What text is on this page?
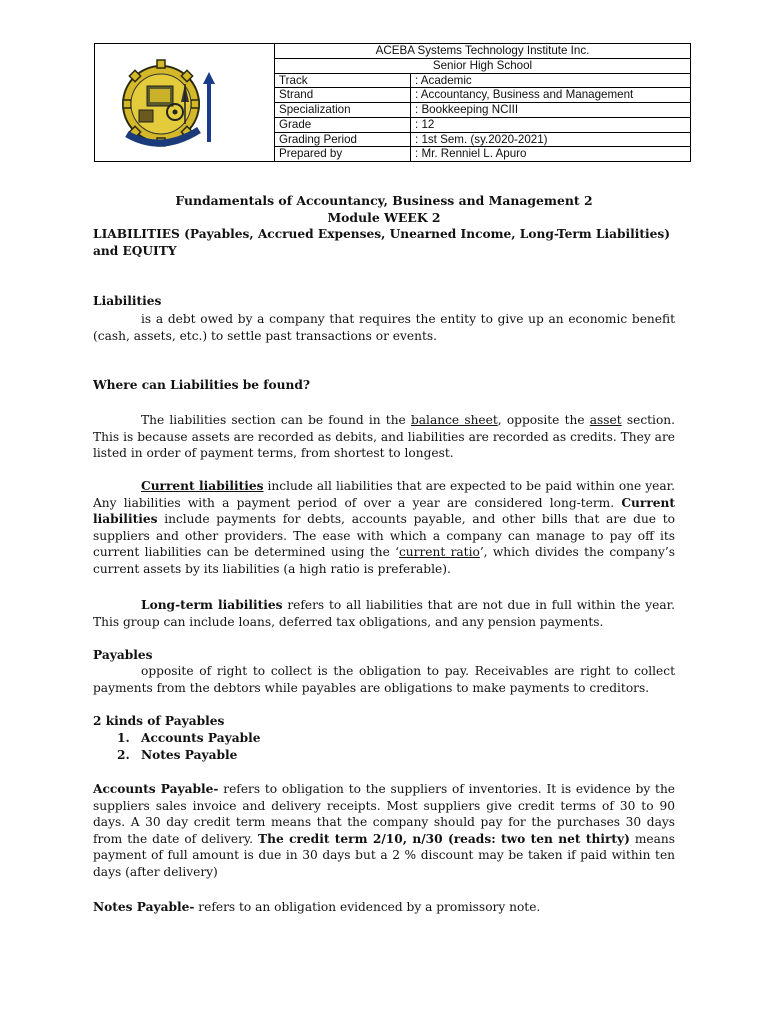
	ACEBA Systems Technology Institute Inc.	
	Senior High School	
	Track	: Academic
	Strand	: Accountancy, Business and Management
	Specialization	: Bookkeeping NCIII
	Grade	: 12
	Grading Period	: 1st Sem. (sy.2020-2021)
	Prepared by	: Mr. Renniel L. Apuro
Fundamentals of Accountancy, Business and Management 2
Module WEEK 2
LIABILITIES (Payables, Accrued Expenses, Unearned Income, Long-Term Liabilities)
and EQUITY
Liabilities
is a debt owed by a company that requires the entity to give up an economic benefit (cash, assets, etc.) to settle past transactions or events.
Where can Liabilities be found?
The liabilities section can be found in the balance sheet, opposite the asset section. This is because assets are recorded as debits, and liabilities are recorded as credits. They are listed in order of payment terms, from shortest to longest.
Current liabilities include all liabilities that are expected to be paid within one year. Any liabilities with a payment period of over a year are considered long-term. Current liabilities include payments for debts, accounts payable, and other bills that are due to suppliers and other providers. The ease with which a company can manage to pay off its current liabilities can be determined using the ‘current ratio’, which divides the company’s current assets by its liabilities (a high ratio is preferable).
Long-term liabilities refers to all liabilities that are not due in full within the year. This group can include loans, deferred tax obligations, and any pension payments.
Payables
opposite of right to collect is the obligation to pay. Receivables are right to collect payments from the debtors while payables are obligations to make payments to creditors.
2 kinds of Payables
1. Accounts Payable
2. Notes Payable
Accounts Payable- refers to obligation to the suppliers of inventories. It is evidence by the suppliers sales invoice and delivery receipts. Most suppliers give credit terms of 30 to 90 days. A 30 day credit term means that the company should pay for the purchases 30 days from the date of delivery. The credit term 2/10, n/30 (reads: two ten net thirty) means payment of full amount is due in 30 days but a 2 % discount may be taken if paid within ten days (after delivery)
Notes Payable- refers to an obligation evidenced by a promissory note.
